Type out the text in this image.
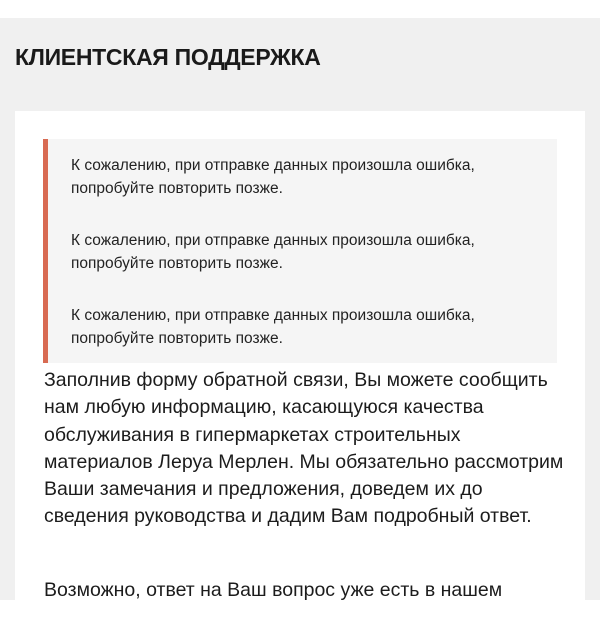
КЛИЕНТСКАЯ ПОДДЕРЖКА

К сожалению, при отправке данных произошла ошибка, попробуйте повторить позже.

К сожалению, при отправке данных произошла ошибка, попробуйте повторить позже.

К сожалению, при отправке данных произошла ошибка, попробуйте повторить позже.

Заполнив форму обратной связи, Вы можете сообщить нам любую информацию, касающуюся качества обслуживания в гипермаркетах строительных материалов Леруа Мерлен. Мы обязательно рассмотрим Ваши замечания и предложения, доведем их до сведения руководства и дадим Вам подробный ответ.

Возможно, ответ на Ваш вопрос уже есть в нашем
